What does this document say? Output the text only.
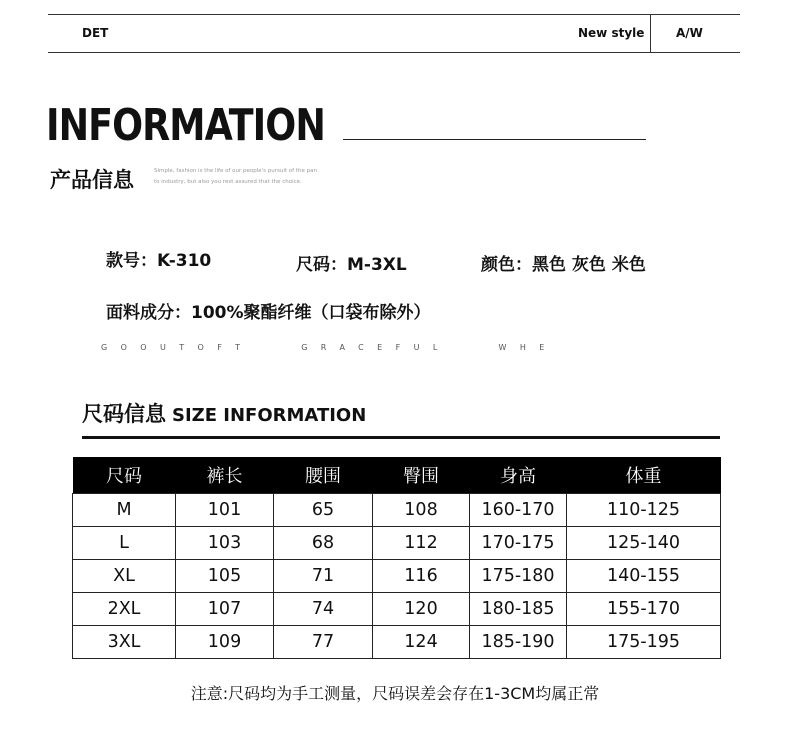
DET	New style	A/W
INFORMATION
产品信息	Simple, fashion is the life of our people's pursuit of the pan
to industry, but also you rest assured that the choice.
款号：K-310	尺码：M-3XL	颜色：黑色 灰色 米色
面料成分：100%聚酯纤维（口袋布除外）
GOOUTOFT   GRACEFUL   WHE
尺码信息 SIZE INFORMATION
尺码	裤长	腰围	臀围	身高	体重
M	101	65	108	160-170	110-125
L	103	68	112	170-175	125-140
XL	105	71	116	175-180	140-155
2XL	107	74	120	180-185	155-170
3XL	109	77	124	185-190	175-195
注意:尺码均为手工测量，尺码误差会存在1-3CM均属正常
